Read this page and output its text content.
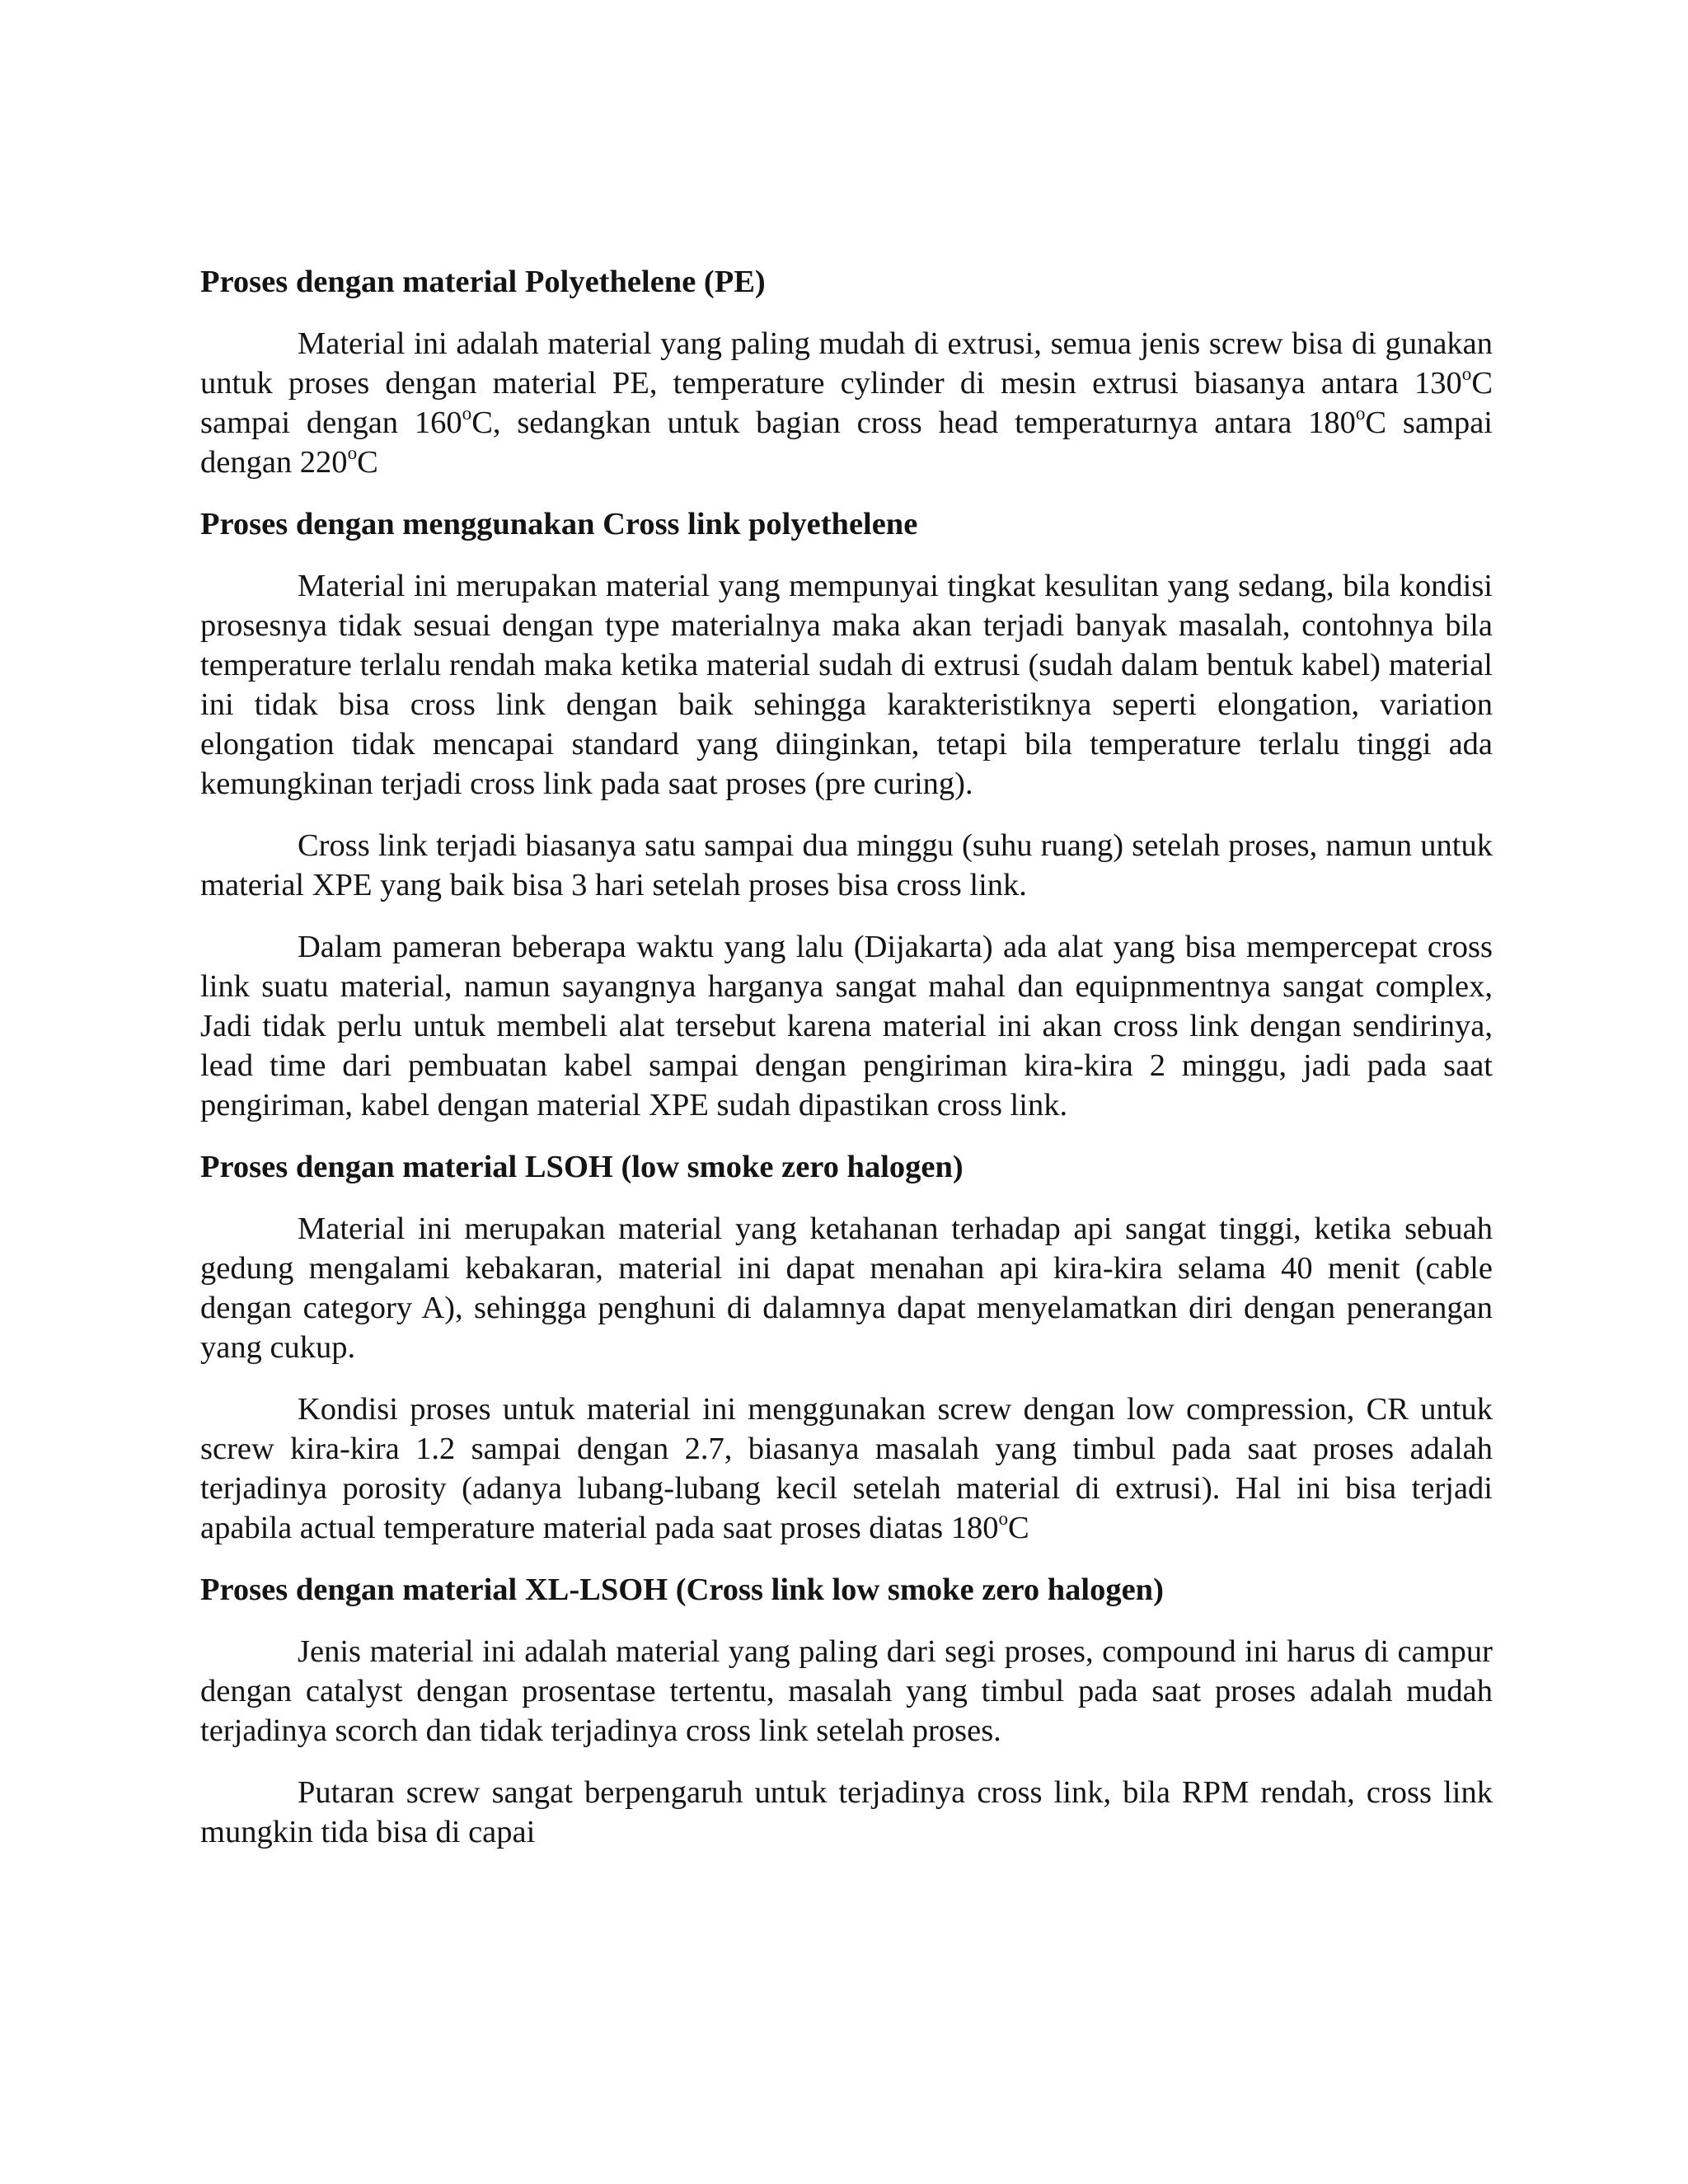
Proses dengan material Polyethelene (PE)

Material ini adalah material yang paling mudah di extrusi, semua jenis screw bisa di gunakan untuk proses dengan material PE, temperature cylinder di mesin extrusi biasanya antara 130$^o$C sampai dengan 160$^o$C, sedangkan untuk bagian cross head temperaturnya antara 180$^o$C sampai dengan 220$^o$C

Proses dengan menggunakan Cross link polyethelene

Material ini merupakan material yang mempunyai tingkat kesulitan yang sedang, bila kondisi prosesnya tidak sesuai dengan type materialnya maka akan terjadi banyak masalah, contohnya bila temperature terlalu rendah maka ketika material sudah di extrusi (sudah dalam bentuk kabel) material ini tidak bisa cross link dengan baik sehingga karakteristiknya seperti elongation, variation elongation tidak mencapai standard yang diinginkan, tetapi bila temperature terlalu tinggi ada kemungkinan terjadi cross link pada saat proses (pre curing).

Cross link terjadi biasanya satu sampai dua minggu (suhu ruang) setelah proses, namun untuk material XPE yang baik bisa 3 hari setelah proses bisa cross link.

Dalam pameran beberapa waktu yang lalu (Dijakarta) ada alat yang bisa mempercepat cross link suatu material, namun sayangnya harganya sangat mahal dan equipnmentnya sangat complex, Jadi tidak perlu untuk membeli alat tersebut karena material ini akan cross link dengan sendirinya, lead time dari pembuatan kabel sampai dengan pengiriman kira-kira 2 minggu, jadi pada saat pengiriman, kabel dengan material XPE sudah dipastikan cross link.

Proses dengan material LSOH (low smoke zero halogen)

Material ini merupakan material yang ketahanan terhadap api sangat tinggi, ketika sebuah gedung mengalami kebakaran, material ini dapat menahan api kira-kira selama 40 menit (cable dengan category A), sehingga penghuni di dalamnya dapat menyelamatkan diri dengan penerangan yang cukup.

Kondisi proses untuk material ini menggunakan screw dengan low compression, CR untuk screw kira-kira 1.2 sampai dengan 2.7, biasanya masalah yang timbul pada saat proses adalah terjadinya porosity (adanya lubang-lubang kecil setelah material di extrusi). Hal ini bisa terjadi apabila actual temperature material pada saat proses diatas 180$^o$C

Proses dengan material XL-LSOH (Cross link low smoke zero halogen)

Jenis material ini adalah material yang paling dari segi proses, compound ini harus di campur dengan catalyst dengan prosentase tertentu, masalah yang timbul pada saat proses adalah mudah terjadinya scorch dan tidak terjadinya cross link setelah proses.

Putaran screw sangat berpengaruh untuk terjadinya cross link, bila RPM rendah, cross link mungkin tida bisa di capai
